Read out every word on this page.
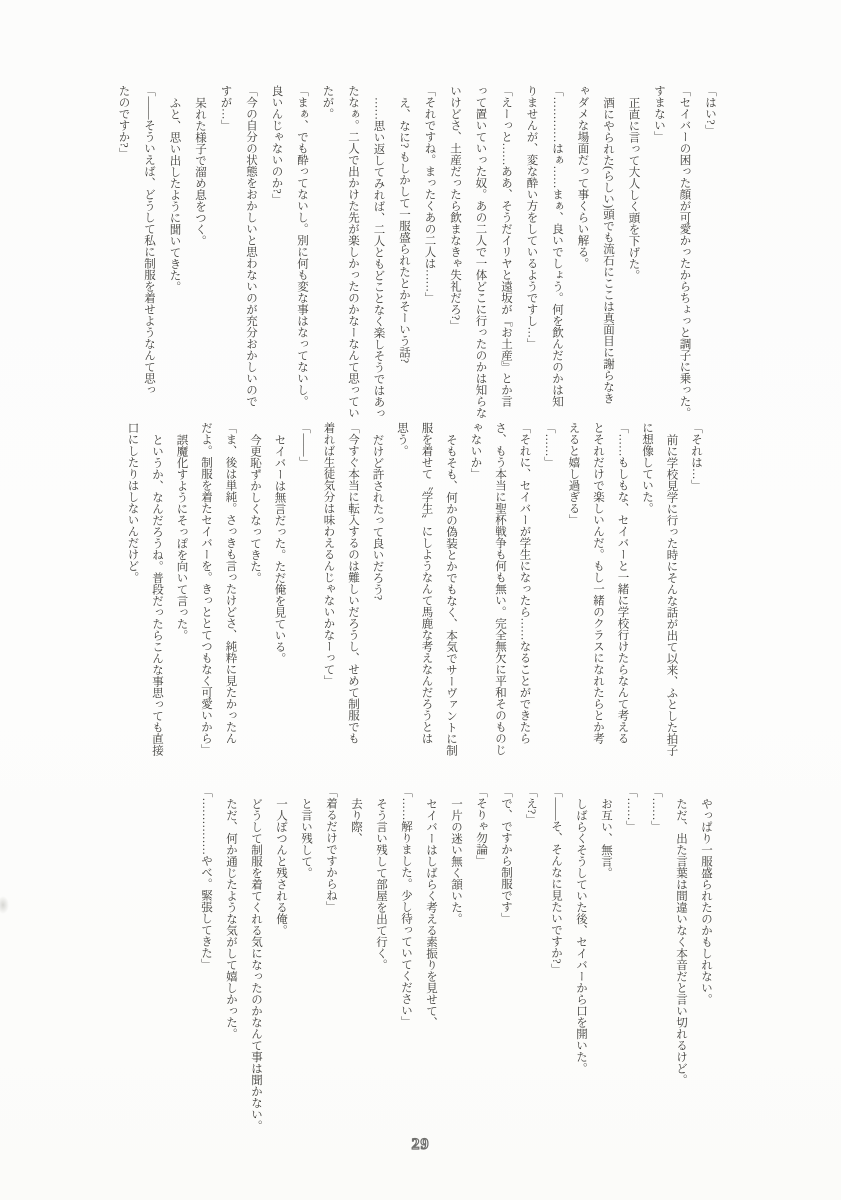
「はい?」

「セイバーの困った顔が可愛かったからちょっと調子に乗った。

すまない」

正直に言って大人しく頭を下げた。

酒にやられた(らしい)頭でも流石にここは真面目に謝らなき

ゃダメな場面だって事くらい解る。

「…………はぁ……まぁ、良いでしょう。何を飲んだのかは知

りませんが、変な酔い方をしているようですし…」

「えーっと……ああ、そうだイリヤと遠坂が『お土産』とか言

って置いていった奴。あの二人で一体どこに行ったのかは知らな

いけどさ、土産だったら飲まなきゃ失礼だろ?」

「それですね。まったくあの二人は……」

え、なに? もしかして一服盛られたとかそーいう話?

……思い返してみれば、二人ともどことなく楽しそうではあっ

たなぁ。二人で出かけた先が楽しかったのかなーなんて思ってい

たが。

「まぁ、でも酔ってないし。別に何も変な事はなってないし。

良いんじゃないのか?」

「今の自分の状態をおかしいと思わないのが充分おかしいので

すが…」

呆れた様子で溜め息をつく。

ふと、思い出したように聞いてきた。

「――そういえば、どうして私に制服を着せようなんて思っ

たのですか?」

「それは…」

前に学校見学に行った時にそんな話が出て以来、ふとした拍子

に想像していた。

「……もしもな、セイバーと一緒に学校行けたらなんて考える

とそれだけで楽しいんだ。もし一緒のクラスになれたらとか考

えると嬉し過ぎる」

「……」

「それに、セイバーが学生になったら……なることができたら

さ、もう本当に聖杯戦争も何も無い。完全無欠に平和そのものじ

ゃないか」

そもそも、何かの偽装とかでもなく、本気でサーヴァントに制

服を着せて〝学生〟にしようなんて馬鹿な考えなんだろうとは

思う。

だけど許されたって良いだろう?

「今すぐ本当に転入するのは難しいだろうし、せめて制服でも

着れば生徒気分は味わえるんじゃないかなーって」

「――」

セイバーは無言だった。ただ俺を見ている。

今更恥ずかしくなってきた。

「ま、後は単純。さっきも言ったけどさ、純粋に見たかったん

だよ。制服を着たセイバーを。きっととてつもなく可愛いから」

誤魔化すようにそっぽを向いて言った。

というか、なんだろうね。普段だったらこんな事思っても直接

口にしたりはしないんだけど。

やっぱり一服盛られたのかもしれない。

ただ、出た言葉は間違いなく本音だと言い切れるけど。

「……」

「……」

お互い、無言。

しばらくそうしていた後、セイバーから口を開いた。

「――そ、そんなに見たいですか?」

「え?」

「で、ですから制服です」

「そりゃ勿論」

一片の迷い無く頷いた。

セイバーはしばらく考える素振りを見せて、

「……解りました。少し待っていてください」

そう言い残して部屋を出て行く。

去り際、

「着るだけですからね」

と言い残して。

一人ぽつんと残される俺。

どうして制服を着てくれる気になったのかなんて事は聞かない。

ただ、何か通じたような気がして嬉しかった。

「……………やべ。緊張してきた」

29
